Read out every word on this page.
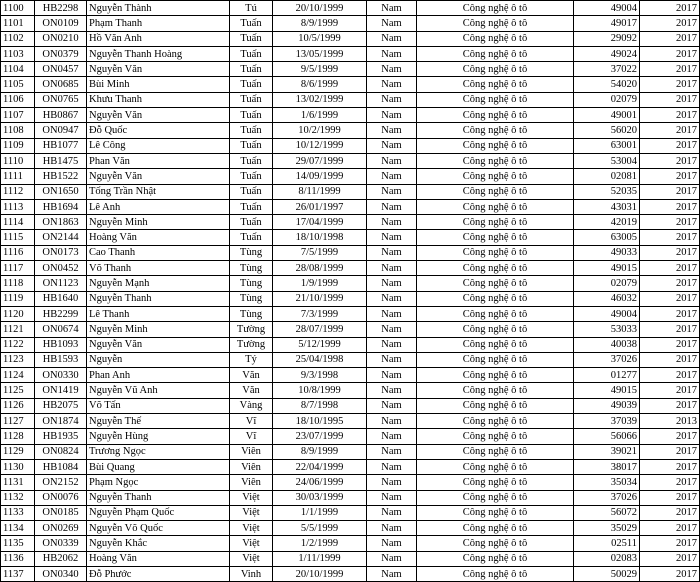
1100	HB2298	Nguyễn Thành	Tú	20/10/1999	Nam	Công nghệ ô tô	49004	2017
1101	ON0109	Phạm Thanh	Tuấn	8/9/1999	Nam	Công nghệ ô tô	49017	2017
1102	ON0210	Hồ Văn Anh	Tuấn	10/5/1999	Nam	Công nghệ ô tô	29092	2017
1103	ON0379	Nguyễn Thanh Hoàng	Tuấn	13/05/1999	Nam	Công nghệ ô tô	49024	2017
1104	ON0457	Nguyễn Văn	Tuấn	9/5/1999	Nam	Công nghệ ô tô	37022	2017
1105	ON0685	Bùi Minh	Tuấn	8/6/1999	Nam	Công nghệ ô tô	54020	2017
1106	ON0765	Khưu Thanh	Tuấn	13/02/1999	Nam	Công nghệ ô tô	02079	2017
1107	HB0867	Nguyễn Văn	Tuấn	1/6/1999	Nam	Công nghệ ô tô	49001	2017
1108	ON0947	Đỗ Quốc	Tuấn	10/2/1999	Nam	Công nghệ ô tô	56020	2017
1109	HB1077	Lê Công	Tuấn	10/12/1999	Nam	Công nghệ ô tô	63001	2017
1110	HB1475	Phan Văn	Tuấn	29/07/1999	Nam	Công nghệ ô tô	53004	2017
1111	HB1522	Nguyễn Văn	Tuấn	14/09/1999	Nam	Công nghệ ô tô	02081	2017
1112	ON1650	Tống Trần Nhật	Tuấn	8/11/1999	Nam	Công nghệ ô tô	52035	2017
1113	HB1694	Lê Anh	Tuấn	26/01/1997	Nam	Công nghệ ô tô	43031	2017
1114	ON1863	Nguyễn Minh	Tuấn	17/04/1999	Nam	Công nghệ ô tô	42019	2017
1115	ON2144	Hoàng Văn	Tuấn	18/10/1998	Nam	Công nghệ ô tô	63005	2017
1116	ON0173	Cao Thanh	Tùng	7/5/1999	Nam	Công nghệ ô tô	49033	2017
1117	ON0452	Võ Thanh	Tùng	28/08/1999	Nam	Công nghệ ô tô	49015	2017
1118	ON1123	Nguyễn Mạnh	Tùng	1/9/1999	Nam	Công nghệ ô tô	02079	2017
1119	HB1640	Nguyễn Thanh	Tùng	21/10/1999	Nam	Công nghệ ô tô	46032	2017
1120	HB2299	Lê Thanh	Tùng	7/3/1999	Nam	Công nghệ ô tô	49004	2017
1121	ON0674	Nguyễn Minh	Tường	28/07/1999	Nam	Công nghệ ô tô	53033	2017
1122	HB1093	Nguyễn Văn	Tường	5/12/1999	Nam	Công nghệ ô tô	40038	2017
1123	HB1593	Nguyễn	Tý	25/04/1998	Nam	Công nghệ ô tô	37026	2017
1124	ON0330	Phan Anh	Văn	9/3/1998	Nam	Công nghệ ô tô	01277	2017
1125	ON1419	Nguyễn Vũ Anh	Văn	10/8/1999	Nam	Công nghệ ô tô	49015	2017
1126	HB2075	Võ Tấn	Vàng	8/7/1998	Nam	Công nghệ ô tô	49039	2017
1127	ON1874	Nguyễn Thế	Vĩ	18/10/1995	Nam	Công nghệ ô tô	37039	2013
1128	HB1935	Nguyễn Hùng	Vĩ	23/07/1999	Nam	Công nghệ ô tô	56066	2017
1129	ON0824	Trương Ngọc	Viên	8/9/1999	Nam	Công nghệ ô tô	39021	2017
1130	HB1084	Bùi Quang	Viên	22/04/1999	Nam	Công nghệ ô tô	38017	2017
1131	ON2152	Phạm Ngọc	Viên	24/06/1999	Nam	Công nghệ ô tô	35034	2017
1132	ON0076	Nguyễn Thanh	Việt	30/03/1999	Nam	Công nghệ ô tô	37026	2017
1133	ON0185	Nguyễn Phạm Quốc	Việt	1/1/1999	Nam	Công nghệ ô tô	56072	2017
1134	ON0269	Nguyễn Võ Quốc	Việt	5/5/1999	Nam	Công nghệ ô tô	35029	2017
1135	ON0339	Nguyễn Khắc	Việt	1/2/1999	Nam	Công nghệ ô tô	02511	2017
1136	HB2062	Hoàng Văn	Việt	1/11/1999	Nam	Công nghệ ô tô	02083	2017
1137	ON0340	Đỗ Phước	Vinh	20/10/1999	Nam	Công nghệ ô tô	50029	2017
